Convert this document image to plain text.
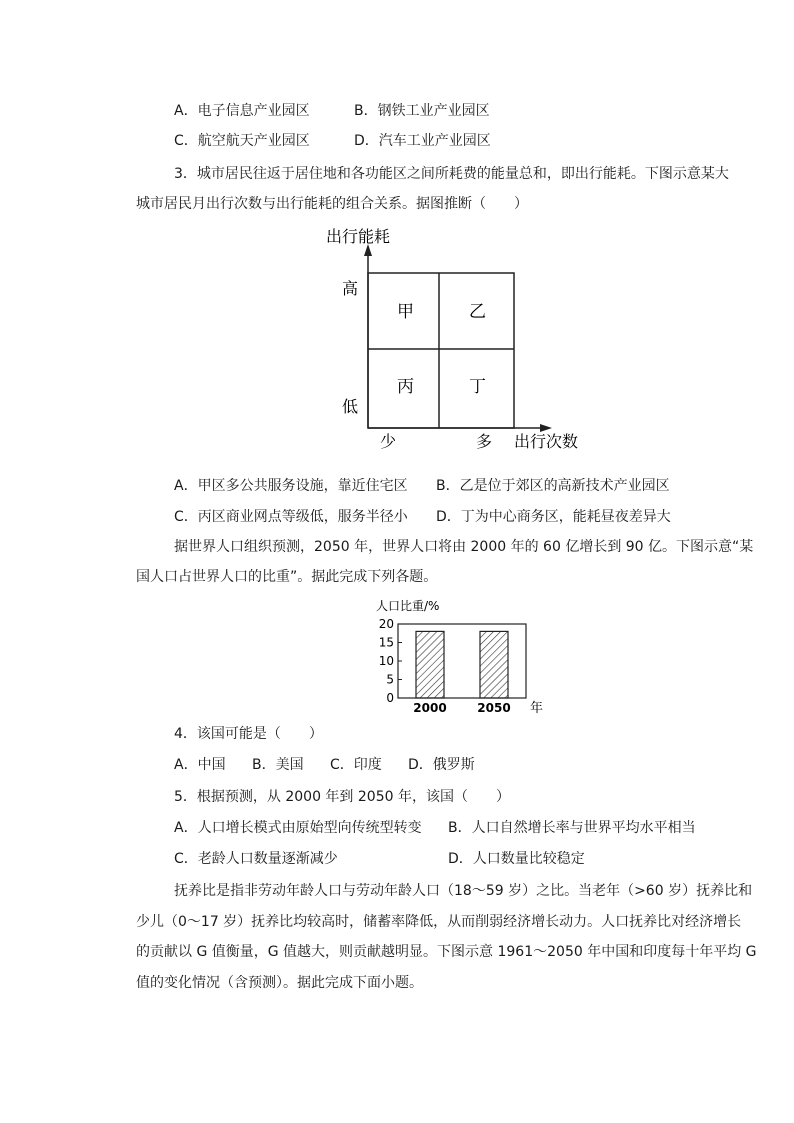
A．电子信息产业园区	B．钢铁工业产业园区
C．航空航天产业园区	D．汽车工业产业园区
3．城市居民往返于居住地和各功能区之间所耗费的能量总和，即出行能耗。下图示意某大
城市居民月出行次数与出行能耗的组合关系。据图推断（　　）
出行能耗
高
低
少	多 出行次数
甲	乙
丙	丁
A．甲区多公共服务设施，靠近住宅区 B．乙是位于郊区的高新技术产业园区
C．丙区商业网点等级低，服务半径小 D．丁为中心商务区，能耗昼夜差异大
据世界人口组织预测，2050 年，世界人口将由 2000 年的 60 亿增长到 90 亿。下图示意“某
国人口占世界人口的比重”。据此完成下列各题。
人口比重/%
0
5
10
15
20
2000	2050 年
4．该国可能是（　　）
A．中国 B．美国 C．印度 D．俄罗斯
5．根据预测，从 2000 年到 2050 年，该国（　　）
A．人口增长模式由原始型向传统型转变 B．人口自然增长率与世界平均水平相当
C．老龄人口数量逐渐减少	D．人口数量比较稳定
抚养比是指非劳动年龄人口与劳动年龄人口（18～59 岁）之比。当老年（>60 岁）抚养比和
少儿（0～17 岁）抚养比均较高时，储蓄率降低，从而削弱经济增长动力。人口抚养比对经济增长
的贡献以 G 值衡量，G 值越大，则贡献越明显。下图示意 1961～2050 年中国和印度每十年平均 G
值的变化情况（含预测）。据此完成下面小题。
